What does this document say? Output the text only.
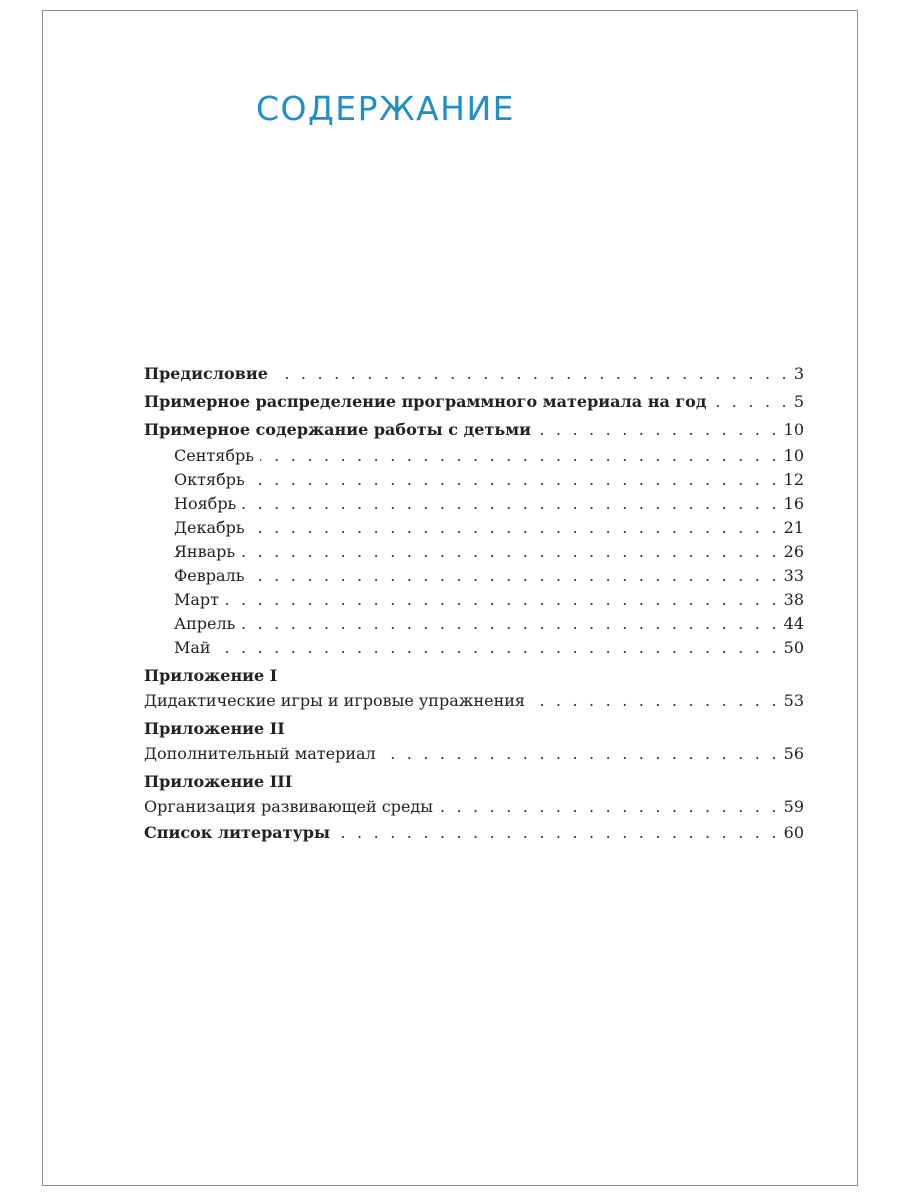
СОДЕРЖАНИЕ
Предисловие . . .	3
Примерное распределение программного материала на год . . .	5
Примерное содержание работы с детьми . . .	10
Сентябрь . . .	10
Октябрь . . .	12
Ноябрь . . .	16
Декабрь . . .	21
Январь . . .	26
Февраль . . .	33
Март . . .	38
Апрель . . .	44
Май . . .	50
Приложение I
Дидактические игры и игровые упражнения . . .	53
Приложение II
Дополнительный материал . . .	56
Приложение III
Организация развивающей среды . . .	59
Список литературы . . .	60
